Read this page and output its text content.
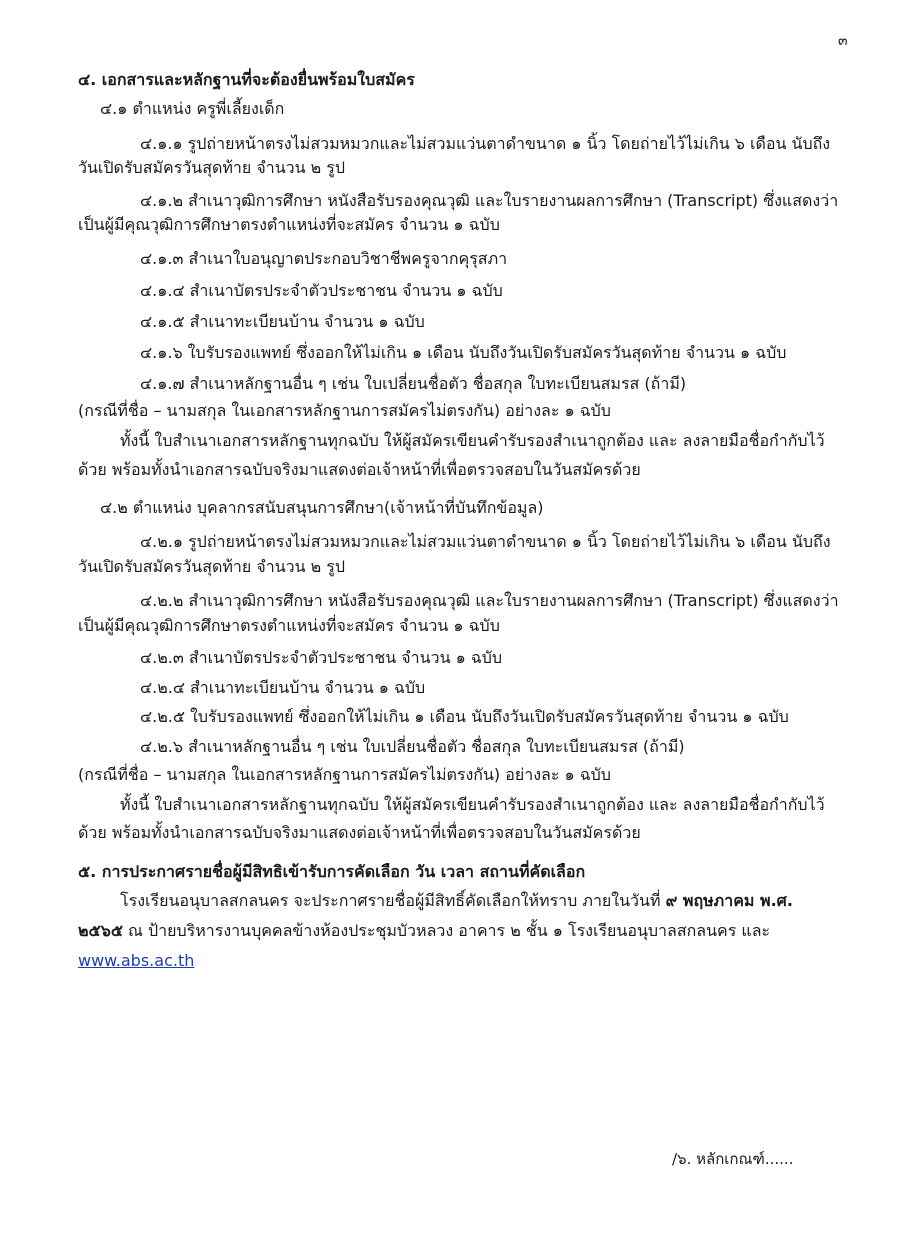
๓
๔. เอกสารและหลักฐานที่จะต้องยื่นพร้อมใบสมัคร
๔.๑ ตำแหน่ง ครูพี่เลี้ยงเด็ก
๔.๑.๑ รูปถ่ายหน้าตรงไม่สวมหมวกและไม่สวมแว่นตาดำขนาด ๑ นิ้ว โดยถ่ายไว้ไม่เกิน ๖ เดือน นับถึง
วันเปิดรับสมัครวันสุดท้าย จำนวน ๒ รูป
๔.๑.๒ สำเนาวุฒิการศึกษา หนังสือรับรองคุณวุฒิ และใบรายงานผลการศึกษา (Transcript) ซึ่งแสดงว่า
เป็นผู้มีคุณวุฒิการศึกษาตรงตำแหน่งที่จะสมัคร จำนวน ๑ ฉบับ
๔.๑.๓ สำเนาใบอนุญาตประกอบวิชาชีพครูจากคุรุสภา
๔.๑.๔ สำเนาบัตรประจำตัวประชาชน จำนวน ๑ ฉบับ
๔.๑.๕ สำเนาทะเบียนบ้าน จำนวน ๑ ฉบับ
๔.๑.๖ ใบรับรองแพทย์ ซึ่งออกให้ไม่เกิน ๑ เดือน นับถึงวันเปิดรับสมัครวันสุดท้าย จำนวน ๑ ฉบับ
๔.๑.๗ สำเนาหลักฐานอื่น ๆ เช่น ใบเปลี่ยนชื่อตัว ชื่อสกุล ใบทะเบียนสมรส (ถ้ามี)
(กรณีที่ชื่อ – นามสกุล ในเอกสารหลักฐานการสมัครไม่ตรงกัน) อย่างละ ๑ ฉบับ
ทั้งนี้ ใบสำเนาเอกสารหลักฐานทุกฉบับ ให้ผู้สมัครเขียนคำรับรองสำเนาถูกต้อง และ ลงลายมือชื่อกำกับไว้
ด้วย พร้อมทั้งนำเอกสารฉบับจริงมาแสดงต่อเจ้าหน้าที่เพื่อตรวจสอบในวันสมัครด้วย
๔.๒ ตำแหน่ง บุคลากรสนับสนุนการศึกษา(เจ้าหน้าที่บันทึกข้อมูล)
๔.๒.๑ รูปถ่ายหน้าตรงไม่สวมหมวกและไม่สวมแว่นตาดำขนาด ๑ นิ้ว โดยถ่ายไว้ไม่เกิน ๖ เดือน นับถึง
วันเปิดรับสมัครวันสุดท้าย จำนวน ๒ รูป
๔.๒.๒ สำเนาวุฒิการศึกษา หนังสือรับรองคุณวุฒิ และใบรายงานผลการศึกษา (Transcript) ซึ่งแสดงว่า
เป็นผู้มีคุณวุฒิการศึกษาตรงตำแหน่งที่จะสมัคร จำนวน ๑ ฉบับ
๔.๒.๓ สำเนาบัตรประจำตัวประชาชน จำนวน ๑ ฉบับ
๔.๒.๔ สำเนาทะเบียนบ้าน จำนวน ๑ ฉบับ
๔.๒.๕ ใบรับรองแพทย์ ซึ่งออกให้ไม่เกิน ๑ เดือน นับถึงวันเปิดรับสมัครวันสุดท้าย จำนวน ๑ ฉบับ
๔.๒.๖ สำเนาหลักฐานอื่น ๆ เช่น ใบเปลี่ยนชื่อตัว ชื่อสกุล ใบทะเบียนสมรส (ถ้ามี)
(กรณีที่ชื่อ – นามสกุล ในเอกสารหลักฐานการสมัครไม่ตรงกัน) อย่างละ ๑ ฉบับ
ทั้งนี้ ใบสำเนาเอกสารหลักฐานทุกฉบับ ให้ผู้สมัครเขียนคำรับรองสำเนาถูกต้อง และ ลงลายมือชื่อกำกับไว้
ด้วย พร้อมทั้งนำเอกสารฉบับจริงมาแสดงต่อเจ้าหน้าที่เพื่อตรวจสอบในวันสมัครด้วย
๕. การประกาศรายชื่อผู้มีสิทธิเข้ารับการคัดเลือก วัน เวลา สถานที่คัดเลือก
โรงเรียนอนุบาลสกลนคร จะประกาศรายชื่อผู้มีสิทธิ์คัดเลือกให้ทราบ ภายในวันที่ ๙ พฤษภาคม พ.ศ.
๒๕๖๕ ณ ป้ายบริหารงานบุคคลข้างห้องประชุมบัวหลวง อาคาร ๒ ชั้น ๑ โรงเรียนอนุบาลสกลนคร และ
www.abs.ac.th
/๖. หลักเกณฑ์......
